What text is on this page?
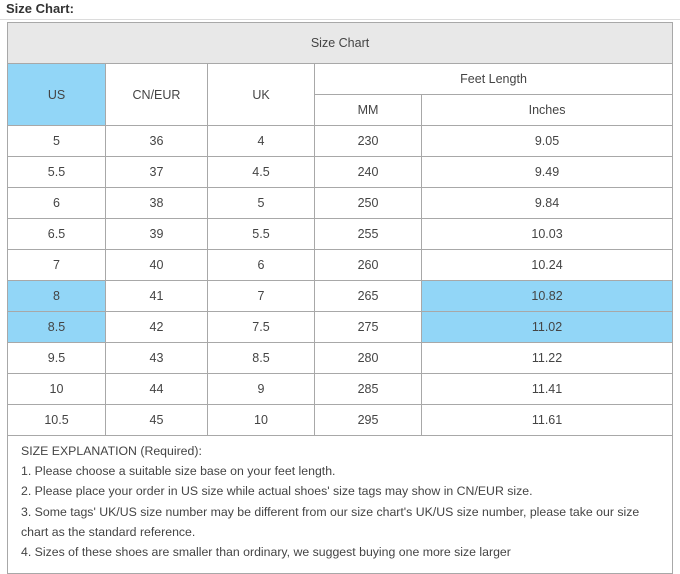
Size Chart:
Size Chart				
US	CN/EUR	UK	Feet Length	
			MM	Inches
5	36	4	230	9.05
5.5	37	4.5	240	9.49
6	38	5	250	9.84
6.5	39	5.5	255	10.03
7	40	6	260	10.24
8	41	7	265	10.82
8.5	42	7.5	275	11.02
9.5	43	8.5	280	11.22
10	44	9	285	11.41
10.5	45	10	295	11.61

SIZE EXPLANATION (Required):
1. Please choose a suitable size base on your feet length.
2. Please place your order in US size while actual shoes' size tags may show in CN/EUR size.
3. Some tags' UK/US size number may be different from our size chart's UK/US size number, please take our size chart as the standard reference.
4. Sizes of these shoes are smaller than ordinary, we suggest buying one more size larger				
